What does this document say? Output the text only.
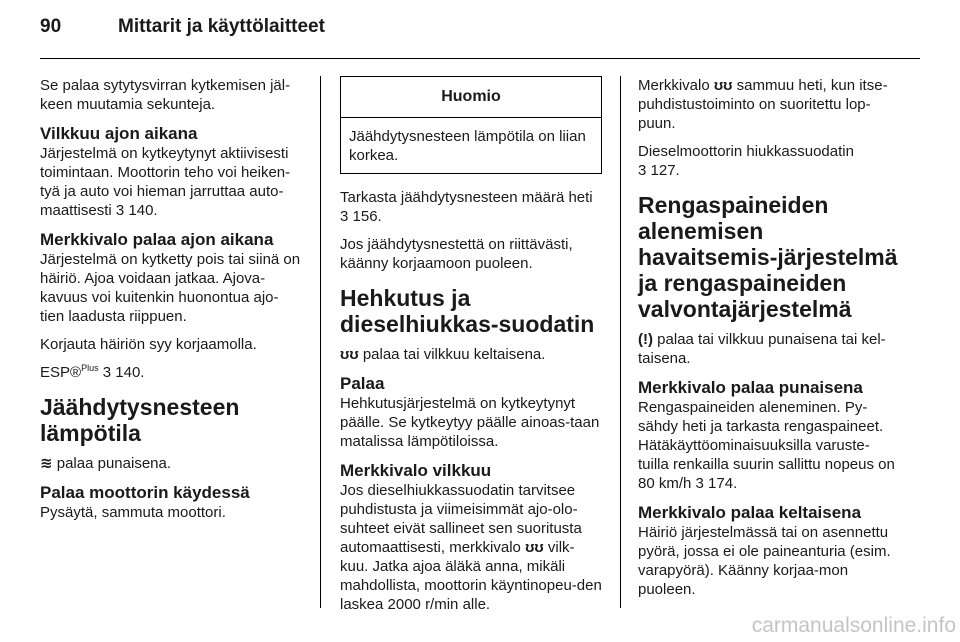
90	Mittarit ja käyttölaitteet

Se palaa sytytysvirran kytkemisen jäl-keen muutamia sekunteja.

Vilkkuu ajon aikana

Järjestelmä on kytkeytynyt aktiivisesti toimintaan. Moottorin teho voi heiken-tyä ja auto voi hieman jarruttaa auto-maattisesti 3 140.

Merkkivalo palaa ajon aikana

Järjestelmä on kytketty pois tai siinä on häiriö. Ajoa voidaan jatkaa. Ajova-kavuus voi kuitenkin huonontua ajo-tien laadusta riippuen.

Korjauta häiriön syy korjaamolla.

ESP®$^{Plus}$ 3 140.

Jäähdytysnesteen lämpötila

≋ palaa punaisena.

Palaa moottorin käydessä

Pysäytä, sammuta moottori.

Huomio
Jäähdytysnesteen lämpötila on liian korkea.

Tarkasta jäähdytysnesteen määrä heti 3 156.

Jos jäähdytysnestettä on riittävästi, käänny korjaamoon puoleen.

Hehkutus ja dieselhiukkas-suodatin

ʊʊ palaa tai vilkkuu keltaisena.

Palaa

Hehkutusjärjestelmä on kytkeytynyt päälle. Se kytkeytyy päälle ainoas-taan matalissa lämpötiloissa.

Merkkivalo vilkkuu

Jos dieselhiukkassuodatin tarvitsee puhdistusta ja viimeisimmät ajo-olo-suhteet eivät sallineet sen suoritusta automaattisesti, merkkivalo ʊʊ vilk-kuu. Jatka ajoa äläkä anna, mikäli mahdollista, moottorin käyntinopeu-den laskea 2000 r/min alle.

Merkkivalo ʊʊ sammuu heti, kun itse-puhdistustoiminto on suoritettu lop-puun.

Dieselmoottorin hiukkassuodatin
3 127.

Rengaspaineiden alenemisen havaitsemis-järjestelmä ja rengaspaineiden valvontajärjestelmä

(!) palaa tai vilkkuu punaisena tai kel-taisena.

Merkkivalo palaa punaisena

Rengaspaineiden aleneminen. Py-sähdy heti ja tarkasta rengaspaineet. Hätäkäyttöominaisuuksilla varuste-tuilla renkailla suurin sallittu nopeus on 80 km/h 3 174.

Merkkivalo palaa keltaisena

Häiriö järjestelmässä tai on asennettu pyörä, jossa ei ole paineanturia (esim. varapyörä). Käänny korjaa-mon puoleen.

carmanualsonline.info
